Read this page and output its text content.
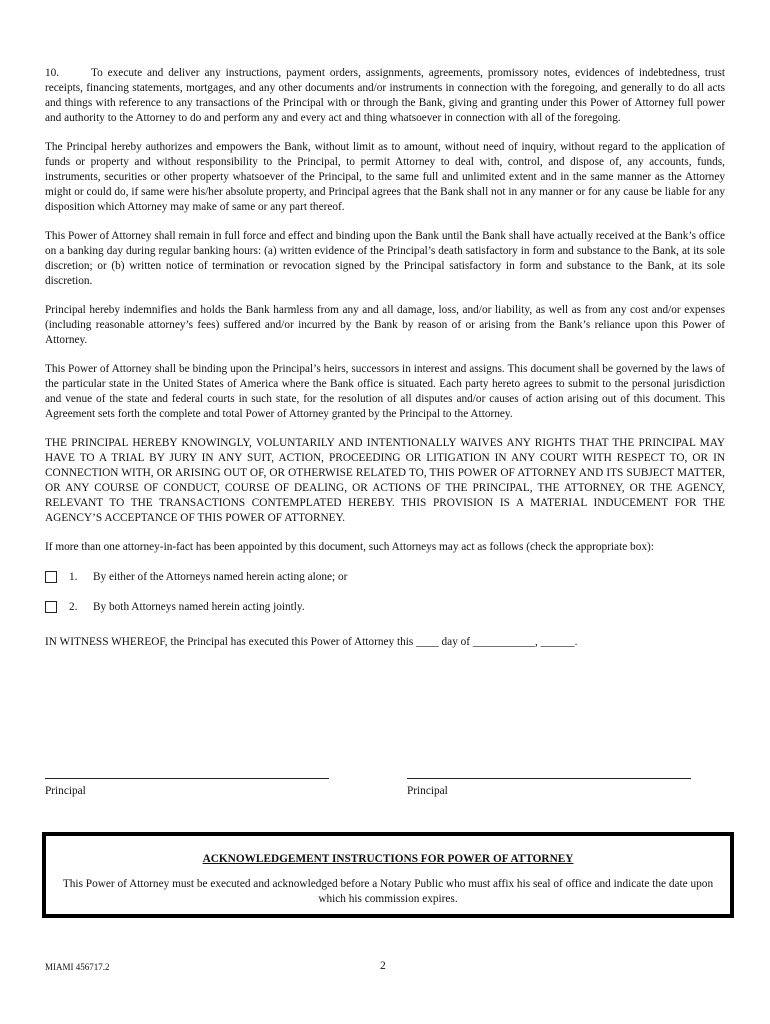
10.	To execute and deliver any instructions, payment orders, assignments, agreements, promissory notes, evidences of indebtedness, trust receipts, financing statements, mortgages, and any other documents and/or instruments in connection with the foregoing, and generally to do all acts and things with reference to any transactions of the Principal with or through the Bank, giving and granting under this Power of Attorney full power and authority to the Attorney to do and perform any and every act and thing whatsoever in connection with all of the foregoing.

The Principal hereby authorizes and empowers the Bank, without limit as to amount, without need of inquiry, without regard to the application of funds or property and without responsibility to the Principal, to permit Attorney to deal with, control, and dispose of, any accounts, funds, instruments, securities or other property whatsoever of the Principal, to the same full and unlimited extent and in the same manner as the Attorney might or could do, if same were his/her absolute property, and Principal agrees that the Bank shall not in any manner or for any cause be liable for any disposition which Attorney may make of same or any part thereof.

This Power of Attorney shall remain in full force and effect and binding upon the Bank until the Bank shall have actually received at the Bank’s office on a banking day during regular banking hours: (a) written evidence of the Principal’s death satisfactory in form and substance to the Bank, at its sole discretion; or (b) written notice of termination or revocation signed by the Principal satisfactory in form and substance to the Bank, at its sole discretion.

Principal hereby indemnifies and holds the Bank harmless from any and all damage, loss, and/or liability, as well as from any cost and/or expenses (including reasonable attorney’s fees) suffered and/or incurred by the Bank by reason of or arising from the Bank’s reliance upon this Power of Attorney.

This Power of Attorney shall be binding upon the Principal’s heirs, successors in interest and assigns. This document shall be governed by the laws of the particular state in the United States of America where the Bank office is situated. Each party hereto agrees to submit to the personal jurisdiction and venue of the state and federal courts in such state, for the resolution of all disputes and/or causes of action arising out of this document. This Agreement sets forth the complete and total Power of Attorney granted by the Principal to the Attorney.

THE PRINCIPAL HEREBY KNOWINGLY, VOLUNTARILY AND INTENTIONALLY WAIVES ANY RIGHTS THAT THE PRINCIPAL MAY HAVE TO A TRIAL BY JURY IN ANY SUIT, ACTION, PROCEEDING OR LITIGATION IN ANY COURT WITH RESPECT TO, OR IN CONNECTION WITH, OR ARISING OUT OF, OR OTHERWISE RELATED TO, THIS POWER OF ATTORNEY AND ITS SUBJECT MATTER, OR ANY COURSE OF CONDUCT, COURSE OF DEALING, OR ACTIONS OF THE PRINCIPAL, THE ATTORNEY, OR THE AGENCY, RELEVANT TO THE TRANSACTIONS CONTEMPLATED HEREBY. THIS PROVISION IS A MATERIAL INDUCEMENT FOR THE AGENCY’S ACCEPTANCE OF THIS POWER OF ATTORNEY.

If more than one attorney-in-fact has been appointed by this document, such Attorneys may act as follows (check the appropriate box):

1.	By either of the Attorneys named herein acting alone; or
2.	By both Attorneys named herein acting jointly.

IN WITNESS WHEREOF, the Principal has executed this Power of Attorney this ____ day of ___________, ______.

Principal	Principal
ACKNOWLEDGEMENT INSTRUCTIONS FOR POWER OF ATTORNEY
This Power of Attorney must be executed and acknowledged before a Notary Public who must affix his seal of office and indicate the date upon which his commission expires.
MIAMI 456717.2	2
